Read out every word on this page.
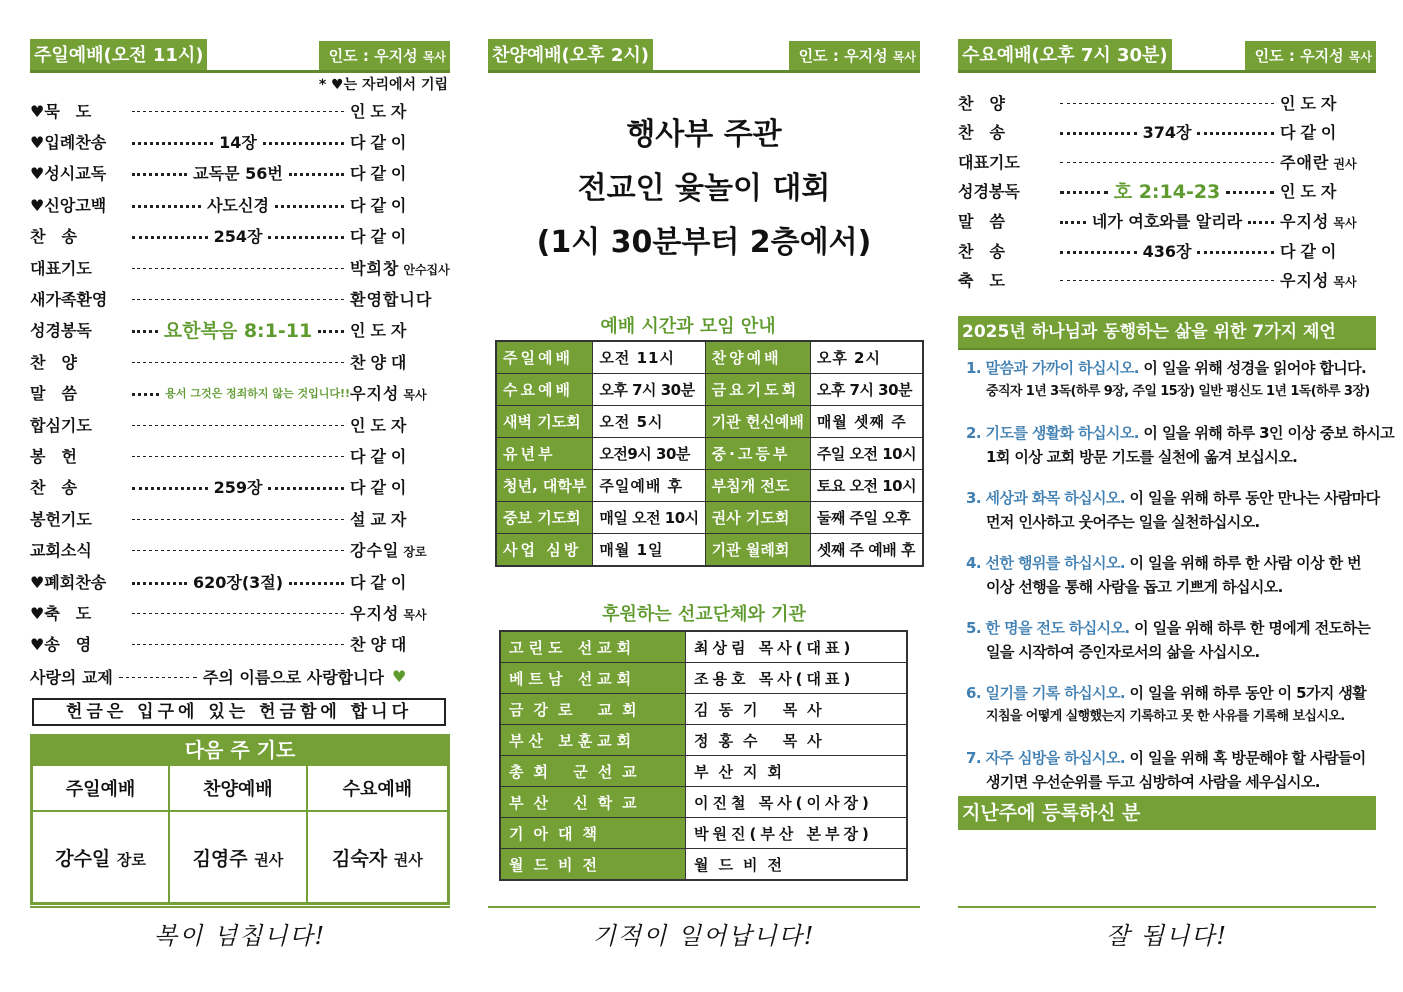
주일예배(오전 11시)	인도 : 우지성 목사
* ♥는 자리에서 기립
♥묵　도	인도자
♥입례찬송	14장	다같이
♥성시교독	교독문 56번	다같이
♥신앙고백	사도신경	다같이
찬　송	254장	다같이
대표기도	박희창 안수집사
새가족환영	환영합니다
성경봉독	요한복음 8:1-11 인도자
찬　양	찬양대
말　씀	용서 그것은 정죄하지 않는 것입니다!! 우지성 목사
합심기도	인도자
봉　헌	다같이
찬　송	259장	다같이
봉헌기도	설교자
교회소식	강수일 장로
♥폐회찬송	620장(3절)	다같이
♥축　도	우지성 목사
♥송　영	찬양대
사랑의 교제	주의 이름으로 사랑합니다 ♥
헌금은 입구에 있는 헌금함에 합니다
다음 주 기도
주일예배	찬양예배	수요예배
강수일 장로	김영주 권사	김숙자 권사
복이 넘칩니다!
찬양예배(오후 2시)	인도 : 우지성 목사
행사부 주관
전교인 윷놀이 대회
(1시 30분부터 2층에서)
예배 시간과 모임 안내
주일예배	오전 11시	찬양예배	오후 2시
수요예배	오후 7시 30분	금요기도회	오후 7시 30분
새벽 기도회	오전 5시	기관 헌신예배	매월 셋째 주
유년부	오전9시 30분	중·고등부	주일 오전 10시
청년, 대학부	주일예배 후	부침개 전도	토요 오전 10시
중보 기도회	매일 오전 10시	권사 기도회	둘째 주일 오후
사업 심방	매월 1일	기관 월례회	셋째 주 예배 후
후원하는 선교단체와 기관
고린도 선교회	최상림 목사(대표)
베트남 선교회	조용호 목사(대표)
금강로 교회	김동기 목사
부산 보훈교회	정홍수 목사
총회 군선교	부산지회
부산 신학교	이진철 목사(이사장)
기아대책	박원진(부산 본부장)
월드비전	월드비전
기적이 일어납니다!
수요예배(오후 7시 30분)	인도 : 우지성 목사
찬　양	인도자
찬　송	374장	다같이
대표기도	주애란 권사
성경봉독	호 2:14-23	인도자
말　씀	네가 여호와를 알리라 우지성 목사
찬　송	436장	다같이
축　도	우지성 목사
2025년 하나님과 동행하는 삶을 위한 7가지 제언
1. 말씀과 가까이 하십시오. 이 일을 위해 성경을 읽어야 합니다.
중직자 1년 3독(하루 9장, 주일 15장) 일반 평신도 1년 1독(하루 3장)
2. 기도를 생활화 하십시오. 이 일을 위해 하루 3인 이상 중보 하시고
1회 이상 교회 방문 기도를 실천에 옮겨 보십시오.
3. 세상과 화목 하십시오. 이 일을 위해 하루 동안 만나는 사람마다
먼저 인사하고 웃어주는 일을 실천하십시오.
4. 선한 행위를 하십시오. 이 일을 위해 하루 한 사람 이상 한 번
이상 선행을 통해 사람을 돕고 기쁘게 하십시오.
5. 한 명을 전도 하십시오. 이 일을 위해 하루 한 명에게 전도하는
일을 시작하여 증인자로서의 삶을 사십시오.
6. 일기를 기록 하십시오. 이 일을 위해 하루 동안 이 5가지 생활
지침을 어떻게 실행했는지 기록하고 못 한 사유를 기록해 보십시오.
7. 자주 심방을 하십시오. 이 일을 위해 혹 방문해야 할 사람들이
생기면 우선순위를 두고 심방하여 사람을 세우십시오.
지난주에 등록하신 분
잘 됩니다!
